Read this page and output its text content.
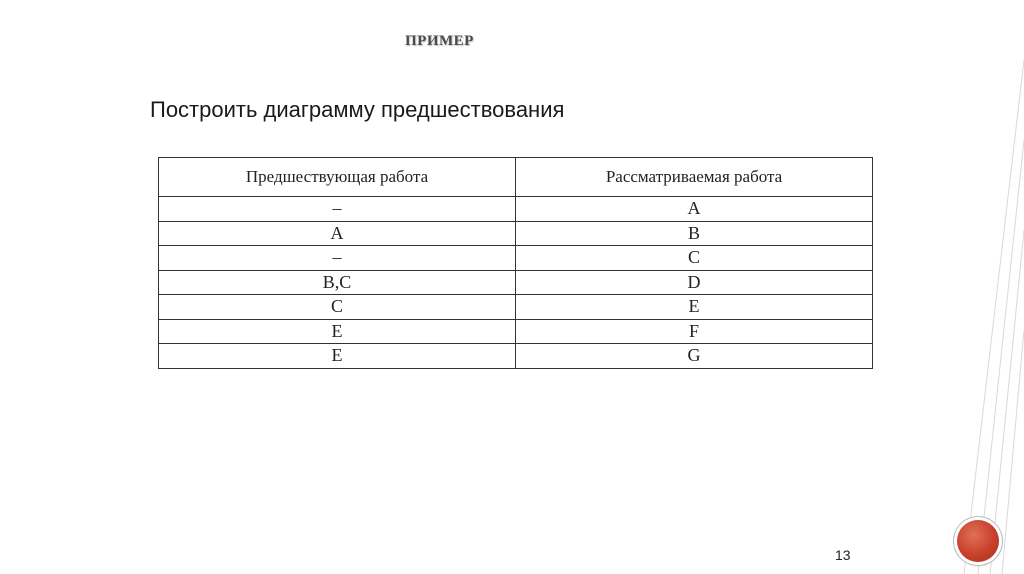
ПРИМЕР
Построить диаграмму предшествования
Предшествующая работа	Рассматриваемая работа
–	A
A	B
–	C
B,C	D
C	E
E	F
E	G
13
